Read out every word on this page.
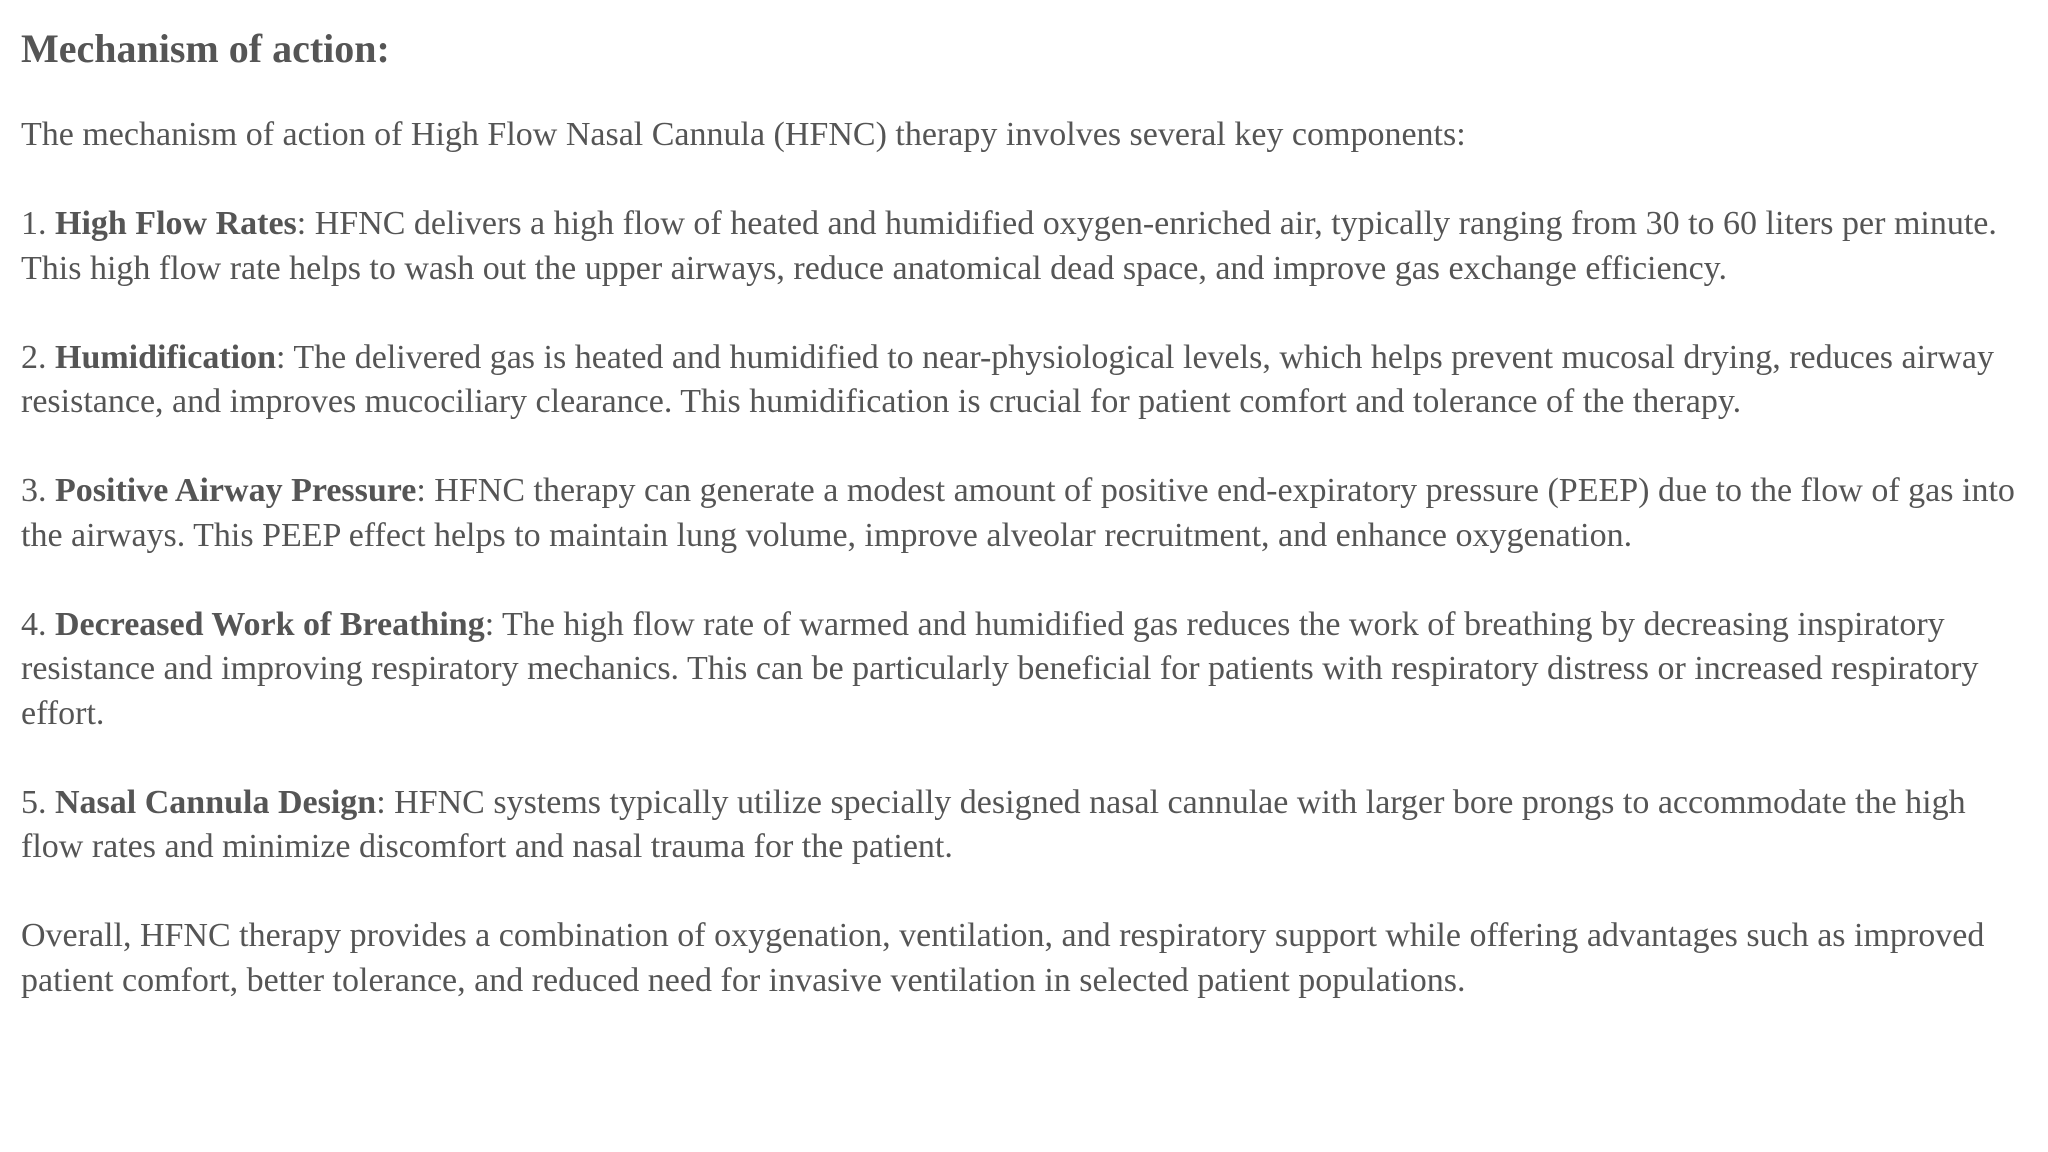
Mechanism of action:

The mechanism of action of High Flow Nasal Cannula (HFNC) therapy involves several key components:

1. High Flow Rates: HFNC delivers a high flow of heated and humidified oxygen-enriched air, typically ranging from 30 to 60 liters per minute. This high flow rate helps to wash out the upper airways, reduce anatomical dead space, and improve gas exchange efficiency.

2. Humidification: The delivered gas is heated and humidified to near-physiological levels, which helps prevent mucosal drying, reduces airway resistance, and improves mucociliary clearance. This humidification is crucial for patient comfort and tolerance of the therapy.

3. Positive Airway Pressure: HFNC therapy can generate a modest amount of positive end-expiratory pressure (PEEP) due to the flow of gas into the airways. This PEEP effect helps to maintain lung volume, improve alveolar recruitment, and enhance oxygenation.

4. Decreased Work of Breathing: The high flow rate of warmed and humidified gas reduces the work of breathing by decreasing inspiratory resistance and improving respiratory mechanics. This can be particularly beneficial for patients with respiratory distress or increased respiratory effort.

5. Nasal Cannula Design: HFNC systems typically utilize specially designed nasal cannulae with larger bore prongs to accommodate the high flow rates and minimize discomfort and nasal trauma for the patient.

Overall, HFNC therapy provides a combination of oxygenation, ventilation, and respiratory support while offering advantages such as improved patient comfort, better tolerance, and reduced need for invasive ventilation in selected patient populations.
